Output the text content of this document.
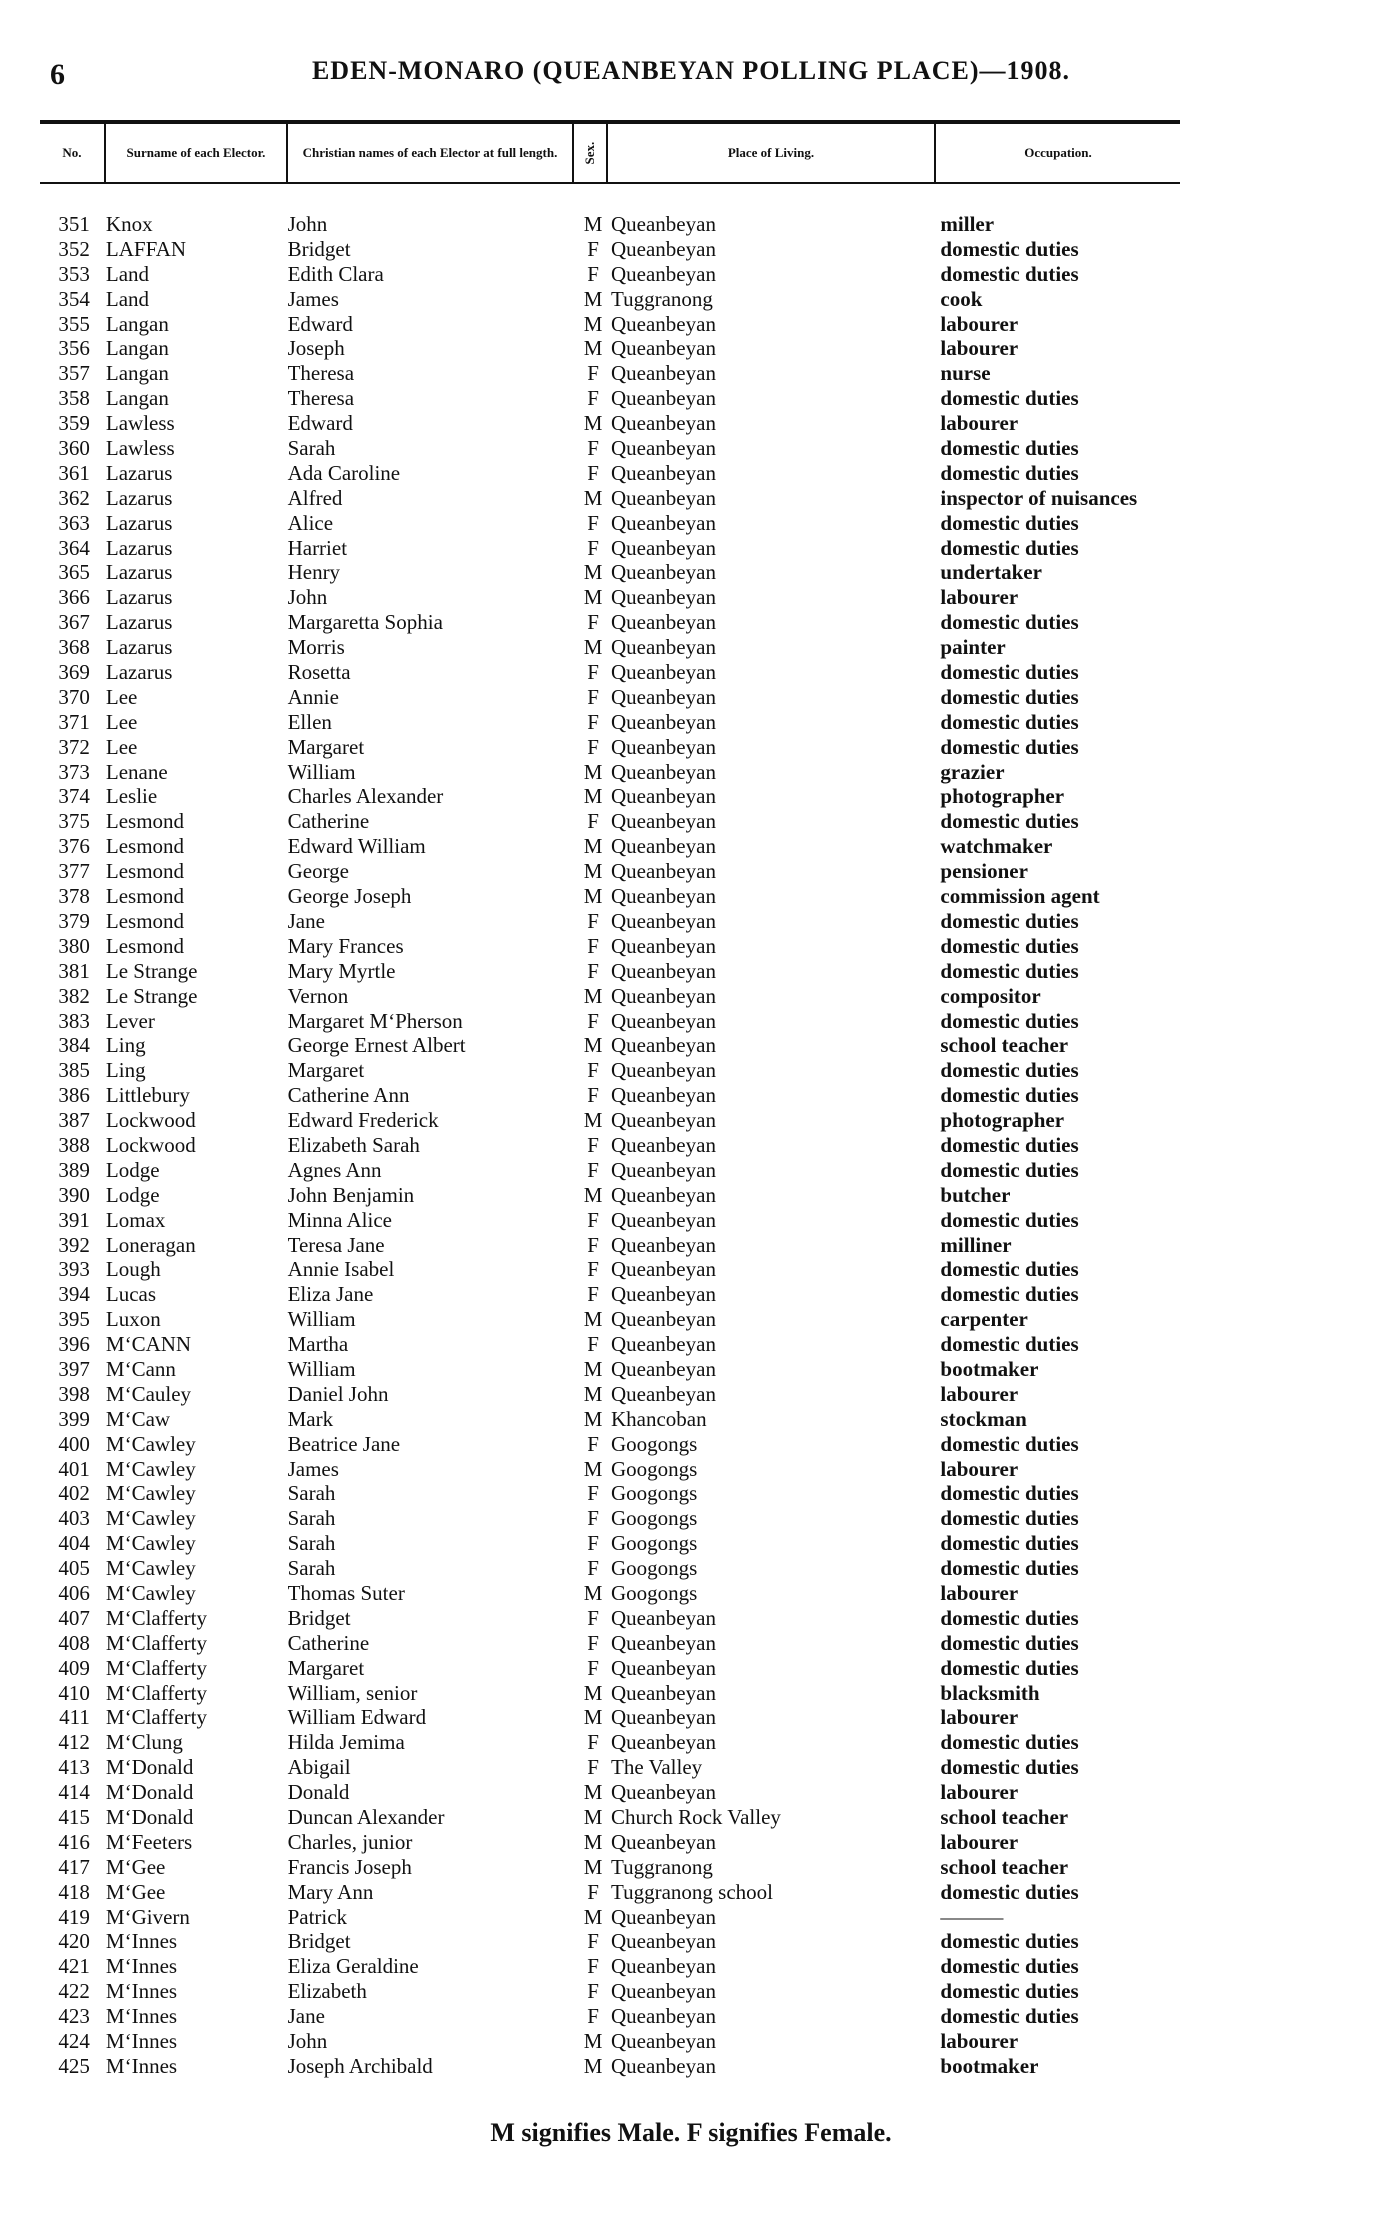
6	EDEN-MONARO (QUEANBEYAN POLLING PLACE)—1908.
No.	Surname of each Elector.	Christian names of each Elector at full length.	Sex.	Place of Living.	Occupation.
351 Knox	John	M Queanbeyan	miller
352 LAFFAN	Bridget	F Queanbeyan	domestic duties
353 Land	Edith Clara	F Queanbeyan	domestic duties
354 Land	James	M Tuggranong	cook
355 Langan	Edward	M Queanbeyan	labourer
356 Langan	Joseph	M Queanbeyan	labourer
357 Langan	Theresa	F Queanbeyan	nurse
358 Langan	Theresa	F Queanbeyan	domestic duties
359 Lawless	Edward	M Queanbeyan	labourer
360 Lawless	Sarah	F Queanbeyan	domestic duties
361 Lazarus	Ada Caroline	F Queanbeyan	domestic duties
362 Lazarus	Alfred	M Queanbeyan	inspector of nuisances
363 Lazarus	Alice	F Queanbeyan	domestic duties
364 Lazarus	Harriet	F Queanbeyan	domestic duties
365 Lazarus	Henry	M Queanbeyan	undertaker
366 Lazarus	John	M Queanbeyan	labourer
367 Lazarus	Margaretta Sophia	F Queanbeyan	domestic duties
368 Lazarus	Morris	M Queanbeyan	painter
369 Lazarus	Rosetta	F Queanbeyan	domestic duties
370 Lee	Annie	F Queanbeyan	domestic duties
371 Lee	Ellen	F Queanbeyan	domestic duties
372 Lee	Margaret	F Queanbeyan	domestic duties
373 Lenane	William	M Queanbeyan	grazier
374 Leslie	Charles Alexander	M Queanbeyan	photographer
375 Lesmond	Catherine	F Queanbeyan	domestic duties
376 Lesmond	Edward William	M Queanbeyan	watchmaker
377 Lesmond	George	M Queanbeyan	pensioner
378 Lesmond	George Joseph	M Queanbeyan	commission agent
379 Lesmond	Jane	F Queanbeyan	domestic duties
380 Lesmond	Mary Frances	F Queanbeyan	domestic duties
381 Le Strange	Mary Myrtle	F Queanbeyan	domestic duties
382 Le Strange	Vernon	M Queanbeyan	compositor
383 Lever	Margaret M‘Pherson	F Queanbeyan	domestic duties
384 Ling	George Ernest Albert	M Queanbeyan	school teacher
385 Ling	Margaret	F Queanbeyan	domestic duties
386 Littlebury	Catherine Ann	F Queanbeyan	domestic duties
387 Lockwood	Edward Frederick	M Queanbeyan	photographer
388 Lockwood	Elizabeth Sarah	F Queanbeyan	domestic duties
389 Lodge	Agnes Ann	F Queanbeyan	domestic duties
390 Lodge	John Benjamin	M Queanbeyan	butcher
391 Lomax	Minna Alice	F Queanbeyan	domestic duties
392 Loneragan	Teresa Jane	F Queanbeyan	milliner
393 Lough	Annie Isabel	F Queanbeyan	domestic duties
394 Lucas	Eliza Jane	F Queanbeyan	domestic duties
395 Luxon	William	M Queanbeyan	carpenter
396 M‘CANN	Martha	F Queanbeyan	domestic duties
397 M‘Cann	William	M Queanbeyan	bootmaker
398 M‘Cauley	Daniel John	M Queanbeyan	labourer
399 M‘Caw	Mark	M Khancoban	stockman
400 M‘Cawley	Beatrice Jane	F Googongs	domestic duties
401 M‘Cawley	James	M Googongs	labourer
402 M‘Cawley	Sarah	F Googongs	domestic duties
403 M‘Cawley	Sarah	F Googongs	domestic duties
404 M‘Cawley	Sarah	F Googongs	domestic duties
405 M‘Cawley	Sarah	F Googongs	domestic duties
406 M‘Cawley	Thomas Suter	M Googongs	labourer
407 M‘Clafferty	Bridget	F Queanbeyan	domestic duties
408 M‘Clafferty	Catherine	F Queanbeyan	domestic duties
409 M‘Clafferty	Margaret	F Queanbeyan	domestic duties
410 M‘Clafferty	William, senior	M Queanbeyan	blacksmith
411 M‘Clafferty	William Edward	M Queanbeyan	labourer
412 M‘Clung	Hilda Jemima	F Queanbeyan	domestic duties
413 M‘Donald	Abigail	F The Valley	domestic duties
414 M‘Donald	Donald	M Queanbeyan	labourer
415 M‘Donald	Duncan Alexander	M Church Rock Valley	school teacher
416 M‘Feeters	Charles, junior	M Queanbeyan	labourer
417 M‘Gee	Francis Joseph	M Tuggranong	school teacher
418 M‘Gee	Mary Ann	F Tuggranong school	domestic duties
419 M‘Givern	Patrick	M Queanbeyan	———
420 M‘Innes	Bridget	F Queanbeyan	domestic duties
421 M‘Innes	Eliza Geraldine	F Queanbeyan	domestic duties
422 M‘Innes	Elizabeth	F Queanbeyan	domestic duties
423 M‘Innes	Jane	F Queanbeyan	domestic duties
424 M‘Innes	John	M Queanbeyan	labourer
425 M‘Innes	Joseph Archibald	M Queanbeyan	bootmaker
M signifies Male. F signifies Female.
